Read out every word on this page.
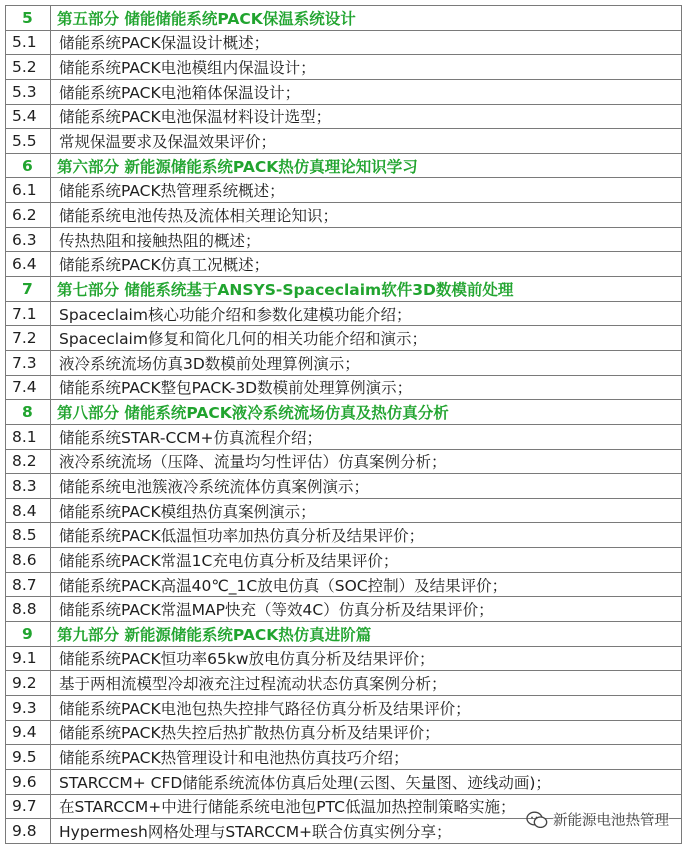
5	第五部分 储能储能系统PACK保温系统设计
5.1	储能系统PACK保温设计概述；
5.2	储能系统PACK电池模组内保温设计；
5.3	储能系统PACK电池箱体保温设计；
5.4	储能系统PACK电池保温材料设计选型；
5.5	常规保温要求及保温效果评价；
6	第六部分 新能源储能系统PACK热仿真理论知识学习
6.1	储能系统PACK热管理系统概述；
6.2	储能系统电池传热及流体相关理论知识；
6.3	传热热阻和接触热阻的概述；
6.4	储能系统PACK仿真工况概述；
7	第七部分 储能系统基于ANSYS-Spaceclaim软件3D数模前处理
7.1	Spaceclaim核心功能介绍和参数化建模功能介绍；
7.2	Spaceclaim修复和简化几何的相关功能介绍和演示；
7.3	液冷系统流场仿真3D数模前处理算例演示；
7.4	储能系统PACK整包PACK-3D数模前处理算例演示；
8	第八部分 储能系统PACK液冷系统流场仿真及热仿真分析
8.1	储能系统STAR-CCM+仿真流程介绍；
8.2	液冷系统流场（压降、流量均匀性评估）仿真案例分析；
8.3	储能系统电池簇液冷系统流体仿真案例演示；
8.4	储能系统PACK模组热仿真案例演示；
8.5	储能系统PACK低温恒功率加热仿真分析及结果评价；
8.6	储能系统PACK常温1C充电仿真分析及结果评价；
8.7	储能系统PACK高温40℃_1C放电仿真（SOC控制）及结果评价；
8.8	储能系统PACK常温MAP快充（等效4C）仿真分析及结果评价；
9	第九部分 新能源储能系统PACK热仿真进阶篇
9.1	储能系统PACK恒功率65kw放电仿真分析及结果评价；
9.2	基于两相流模型冷却液充注过程流动状态仿真案例分析；
9.3	储能系统PACK电池包热失控排气路径仿真分析及结果评价；
9.4	储能系统PACK热失控后热扩散热仿真分析及结果评价；
9.5	储能系统PACK热管理设计和电池热仿真技巧介绍；
9.6	STARCCM+ CFD储能系统流体仿真后处理(云图、矢量图、迹线动画)；
9.7	在STARCCM+中进行储能系统电池包PTC低温加热控制策略实施；
9.8	Hypermesh网格处理与STARCCM+联合仿真实例分享；
新能源电池热管理
